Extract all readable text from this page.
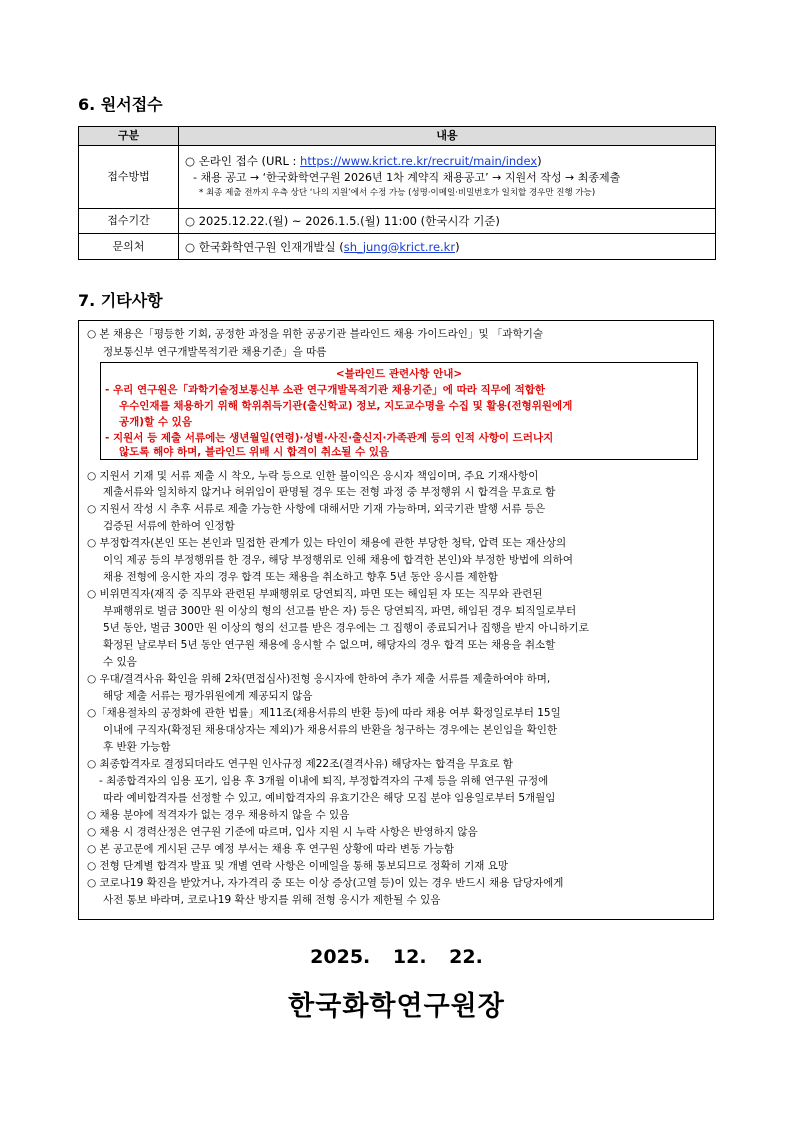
6. 원서접수
구분	내용
접수방법	○ 온라인 접수 (URL : https://www.krict.re.kr/recruit/main/index)
- 채용 공고 → ‘한국화학연구원 2026년 1차 계약직 채용공고’ → 지원서 작성 → 최종제출
* 최종 제출 전까지 우측 상단 ‘나의 지원’에서 수정 가능 (성명·이메일·비밀번호가 일치할 경우만 진행 가능)

접수기간	○ 2025.12.22.(월) ~ 2026.1.5.(월) 11:00 (한국시각 기준)
문의처	○ 한국화학연구원 인재개발실 (sh_jung@krict.re.kr)
7. 기타사항
○ 본 채용은「평등한 기회, 공정한 과정을 위한 공공기관 블라인드 채용 가이드라인」및 「과학기술
정보통신부 연구개발목적기관 채용기준」을 따름
○ 지원서 기재 및 서류 제출 시 착오, 누락 등으로 인한 불이익은 응시자 책임이며, 주요 기재사항이
제출서류와 일치하지 않거나 허위임이 판명될 경우 또는 전형 과정 중 부정행위 시 합격을 무효로 함
○ 지원서 작성 시 추후 서류로 제출 가능한 사항에 대해서만 기재 가능하며, 외국기관 발행 서류 등은
검증된 서류에 한하여 인정함
○ 부정합격자(본인 또는 본인과 밀접한 관계가 있는 타인이 채용에 관한 부당한 청탁, 압력 또는 재산상의
이익 제공 등의 부정행위를 한 경우, 해당 부정행위로 인해 채용에 합격한 본인)와 부정한 방법에 의하여
채용 전형에 응시한 자의 경우 합격 또는 채용을 취소하고 향후 5년 동안 응시를 제한함
○ 비위면직자(재직 중 직무와 관련된 부패행위로 당연퇴직, 파면 또는 해임된 자 또는 직무와 관련된
부패행위로 벌금 300만 원 이상의 형의 선고를 받은 자) 등은 당연퇴직, 파면, 해임된 경우 퇴직일로부터
5년 동안, 벌금 300만 원 이상의 형의 선고를 받은 경우에는 그 집행이 종료되거나 집행을 받지 아니하기로
확정된 날로부터 5년 동안 연구원 채용에 응시할 수 없으며, 해당자의 경우 합격 또는 채용을 취소할
수 있음
○ 우대/결격사유 확인을 위해 2차(면접심사)전형 응시자에 한하여 추가 제출 서류를 제출하여야 하며,
해당 제출 서류는 평가위원에게 제공되지 않음
○「채용절차의 공정화에 관한 법률」제11조(채용서류의 반환 등)에 따라 채용 여부 확정일로부터 15일
이내에 구직자(확정된 채용대상자는 제외)가 채용서류의 반환을 청구하는 경우에는 본인임을 확인한
후 반환 가능함
○ 최종합격자로 결정되더라도 연구원 인사규정 제22조(결격사유) 해당자는 합격을 무효로 함
- 최종합격자의 임용 포기, 임용 후 3개월 이내에 퇴직, 부정합격자의 구제 등을 위해 연구원 규정에
따라 예비합격자를 선정할 수 있고, 예비합격자의 유효기간은 해당 모집 분야 임용일로부터 5개월임
○ 채용 분야에 적격자가 없는 경우 채용하지 않을 수 있음
○ 채용 시 경력산정은 연구원 기준에 따르며, 입사 지원 시 누락 사항은 반영하지 않음
○ 본 공고문에 게시된 근무 예정 부서는 채용 후 연구원 상황에 따라 변동 가능함
○ 전형 단계별 합격자 발표 및 개별 연락 사항은 이메일을 통해 통보되므로 정확히 기재 요망
○ 코로나19 확진을 받았거나, 자가격리 중 또는 이상 증상(고열 등)이 있는 경우 반드시 채용 담당자에게
사전 통보 바라며, 코로나19 확산 방지를 위해 전형 응시가 제한될 수 있음
<블라인드 관련사항 안내>
- 우리 연구원은「과학기술정보통신부 소관 연구개발목적기관 채용기준」에 따라 직무에 적합한
우수인재를 채용하기 위해 학위취득기관(출신학교) 정보, 지도교수명을 수집 및 활용(전형위원에게
공개)할 수 있음
- 지원서 등 제출 서류에는 생년월일(연령)·성별·사진·출신지·가족관계 등의 인적 사항이 드러나지
않도록 해야 하며, 블라인드 위배 시 합격이 취소될 수 있음
2025. 12. 22.
한국화학연구원장
